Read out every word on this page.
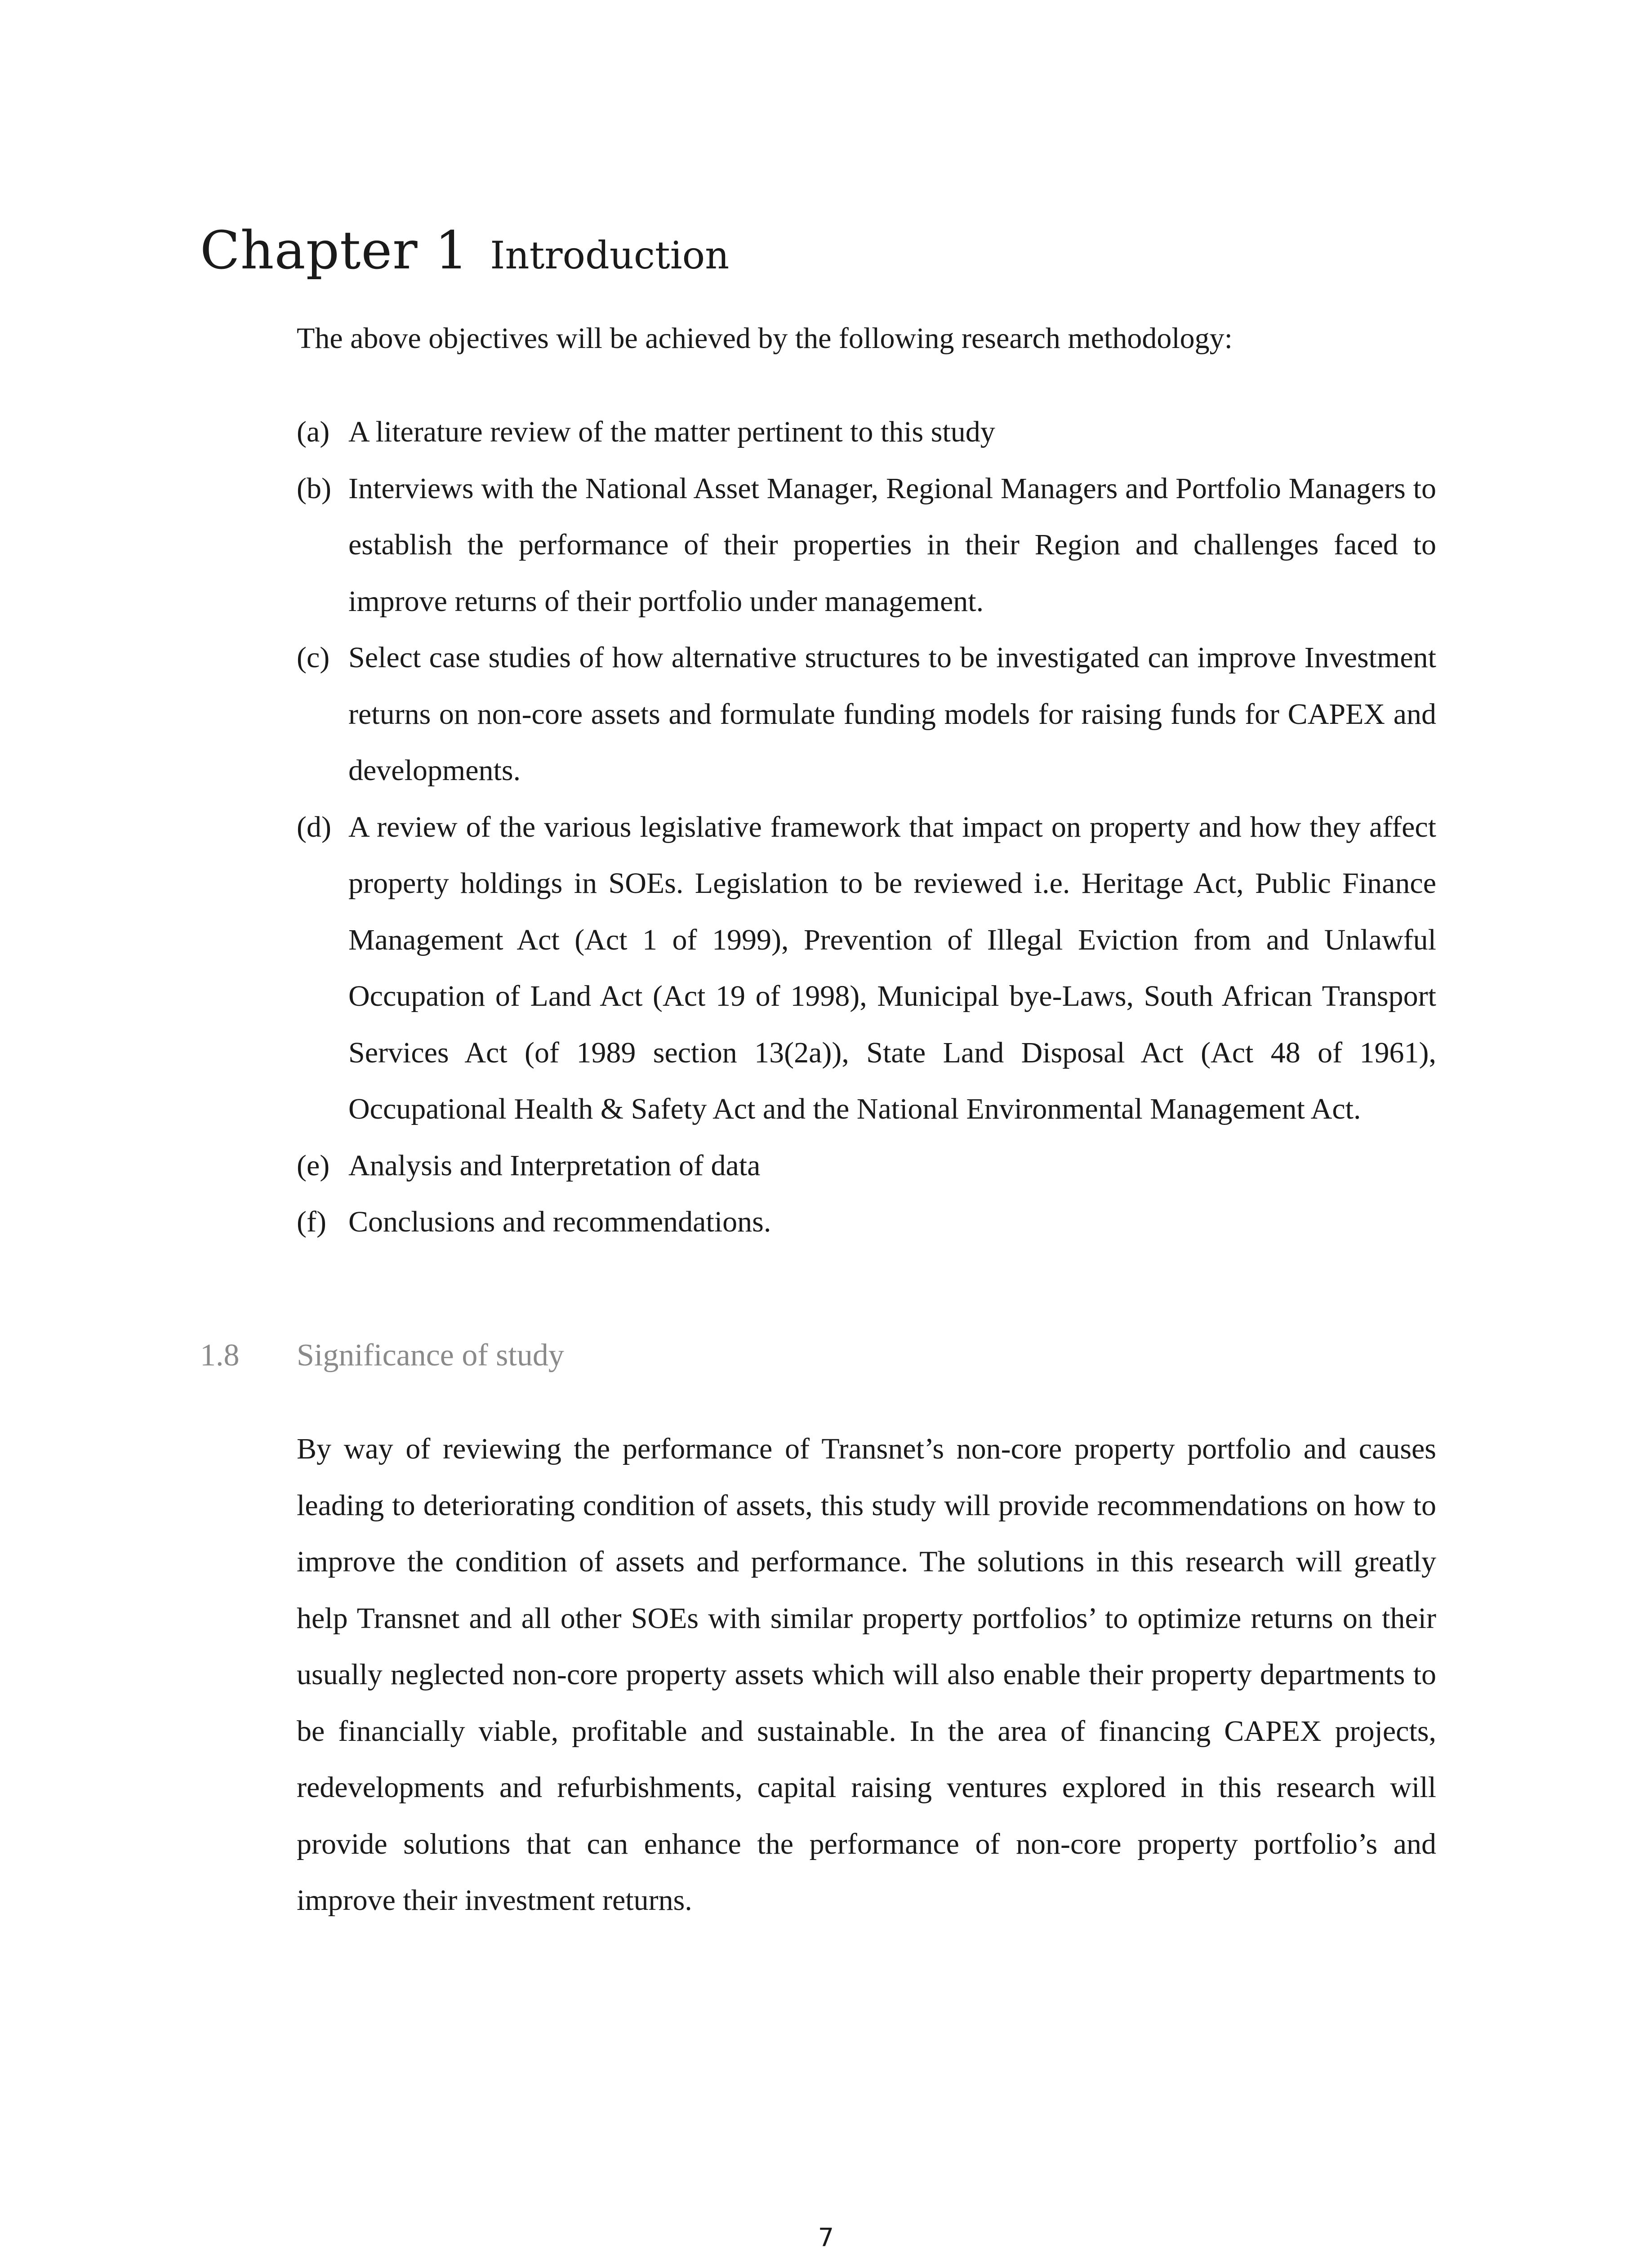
Chapter 1 Introduction

The above objectives will be achieved by the following research methodology:

(a) A literature review of the matter pertinent to this study
(b) Interviews with the National Asset Manager, Regional Managers and Portfolio Managers to establish the performance of their properties in their Region and challenges faced to improve returns of their portfolio under management.
(c) Select case studies of how alternative structures to be investigated can improve Investment returns on non-core assets and formulate funding models for raising funds for CAPEX and developments.
(d) A review of the various legislative framework that impact on property and how they affect property holdings in SOEs. Legislation to be reviewed i.e. Heritage Act, Public Finance Management Act (Act 1 of 1999), Prevention of Illegal Eviction from and Unlawful Occupation of Land Act (Act 19 of 1998), Municipal bye-Laws, South African Transport Services Act (of 1989 section 13(2a)), State Land Disposal Act (Act 48 of 1961), Occupational Health & Safety Act and the National Environmental Management Act.
(e) Analysis and Interpretation of data
(f) Conclusions and recommendations.
1.8 Significance of study

By way of reviewing the performance of Transnet’s non-core property portfolio and causes leading to deteriorating condition of assets, this study will provide recommendations on how to improve the condition of assets and performance. The solutions in this research will greatly help Transnet and all other SOEs with similar property portfolios’ to optimize returns on their usually neglected non-core property assets which will also enable their property departments to be financially viable, profitable and sustainable. In the area of financing CAPEX projects, redevelopments and refurbishments, capital raising ventures explored in this research will provide solutions that can enhance the performance of non-core property portfolio’s and improve their investment returns.

7
